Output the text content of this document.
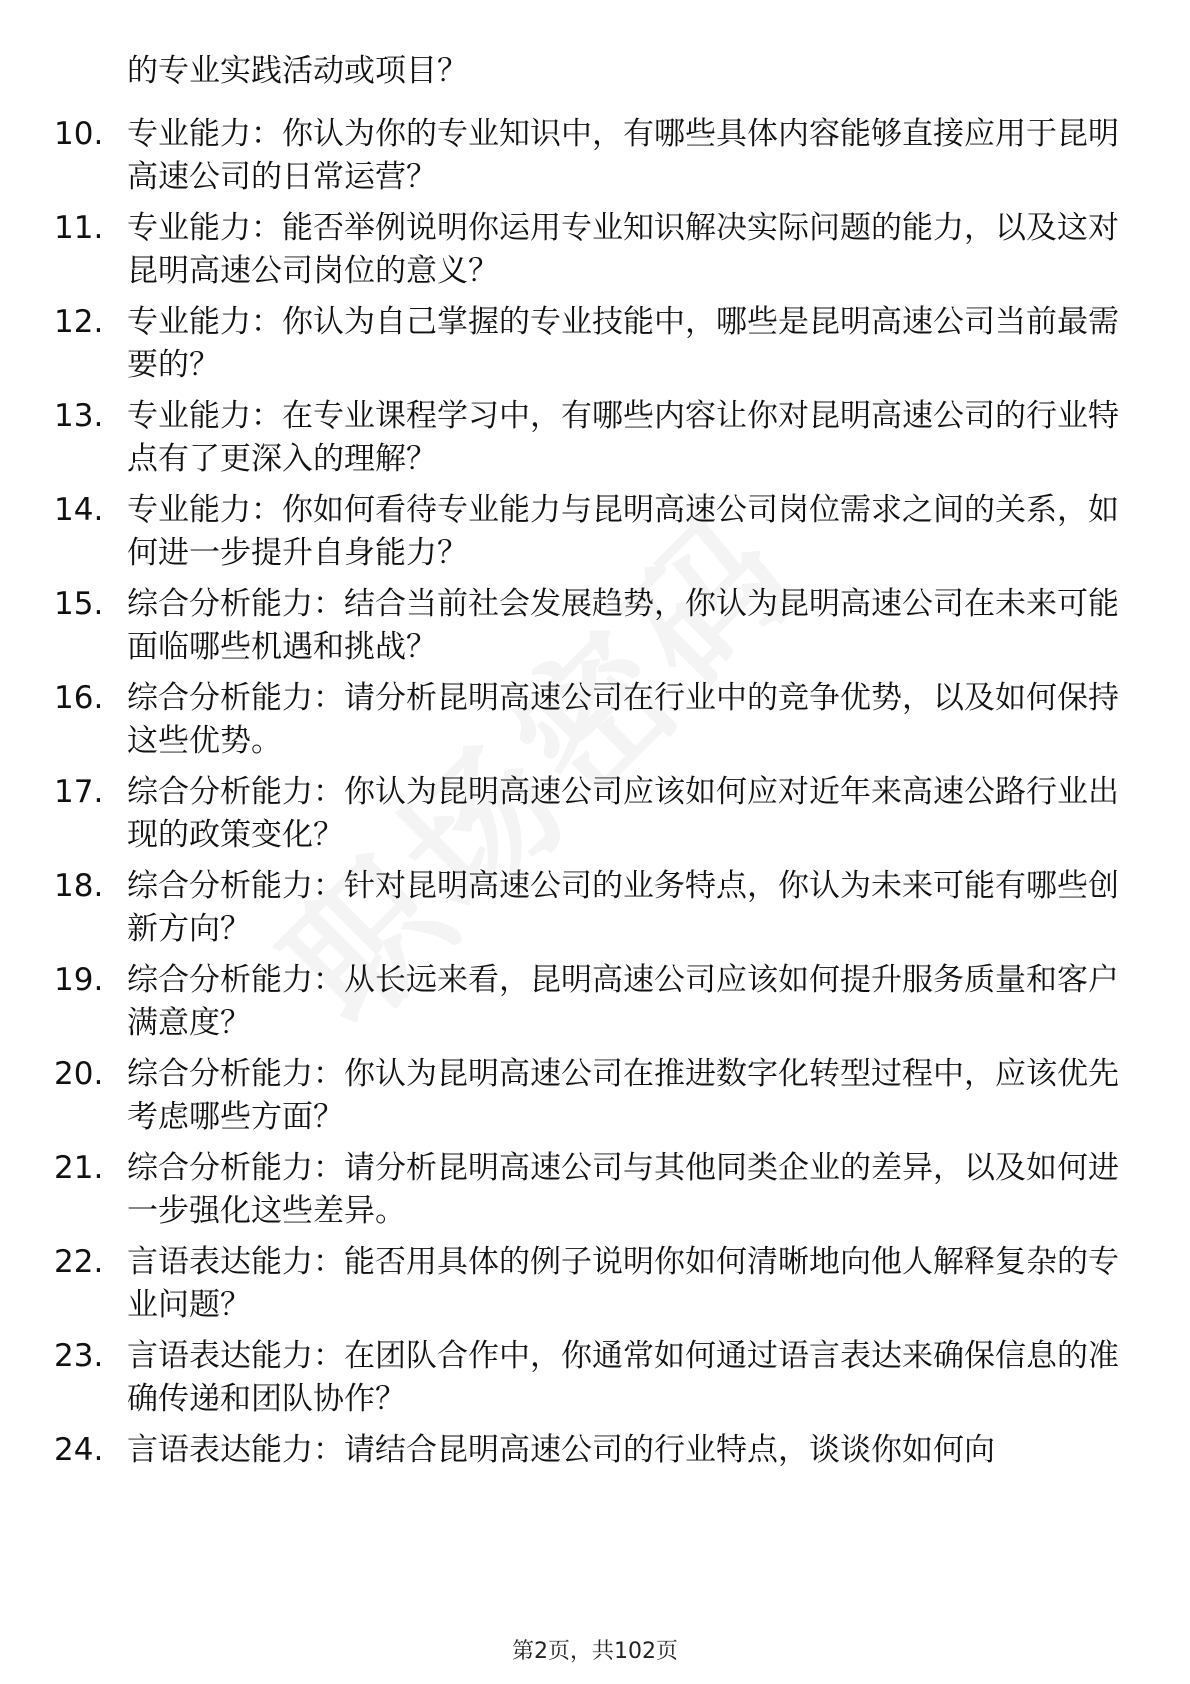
的专业实践活动或项目？
10. 专业能力：你认为你的专业知识中，有哪些具体内容能够直接应用于昆明高速公司的日常运营？
11. 专业能力：能否举例说明你运用专业知识解决实际问题的能力，以及这对昆明高速公司岗位的意义？
12. 专业能力：你认为自己掌握的专业技能中，哪些是昆明高速公司当前最需要的？
13. 专业能力：在专业课程学习中，有哪些内容让你对昆明高速公司的行业特点有了更深入的理解？
14. 专业能力：你如何看待专业能力与昆明高速公司岗位需求之间的关系，如何进一步提升自身能力？
15. 综合分析能力：结合当前社会发展趋势，你认为昆明高速公司在未来可能面临哪些机遇和挑战？
16. 综合分析能力：请分析昆明高速公司在行业中的竞争优势，以及如何保持这些优势。
17. 综合分析能力：你认为昆明高速公司应该如何应对近年来高速公路行业出现的政策变化？
18. 综合分析能力：针对昆明高速公司的业务特点，你认为未来可能有哪些创新方向？
19. 综合分析能力：从长远来看，昆明高速公司应该如何提升服务质量和客户满意度？
20. 综合分析能力：你认为昆明高速公司在推进数字化转型过程中，应该优先考虑哪些方面？
21. 综合分析能力：请分析昆明高速公司与其他同类企业的差异，以及如何进一步强化这些差异。
22. 言语表达能力：能否用具体的例子说明你如何清晰地向他人解释复杂的专业问题？
23. 言语表达能力：在团队合作中，你通常如何通过语言表达来确保信息的准确传递和团队协作？
24. 言语表达能力：请结合昆明高速公司的行业特点，谈谈你如何向
第2页，共102页
